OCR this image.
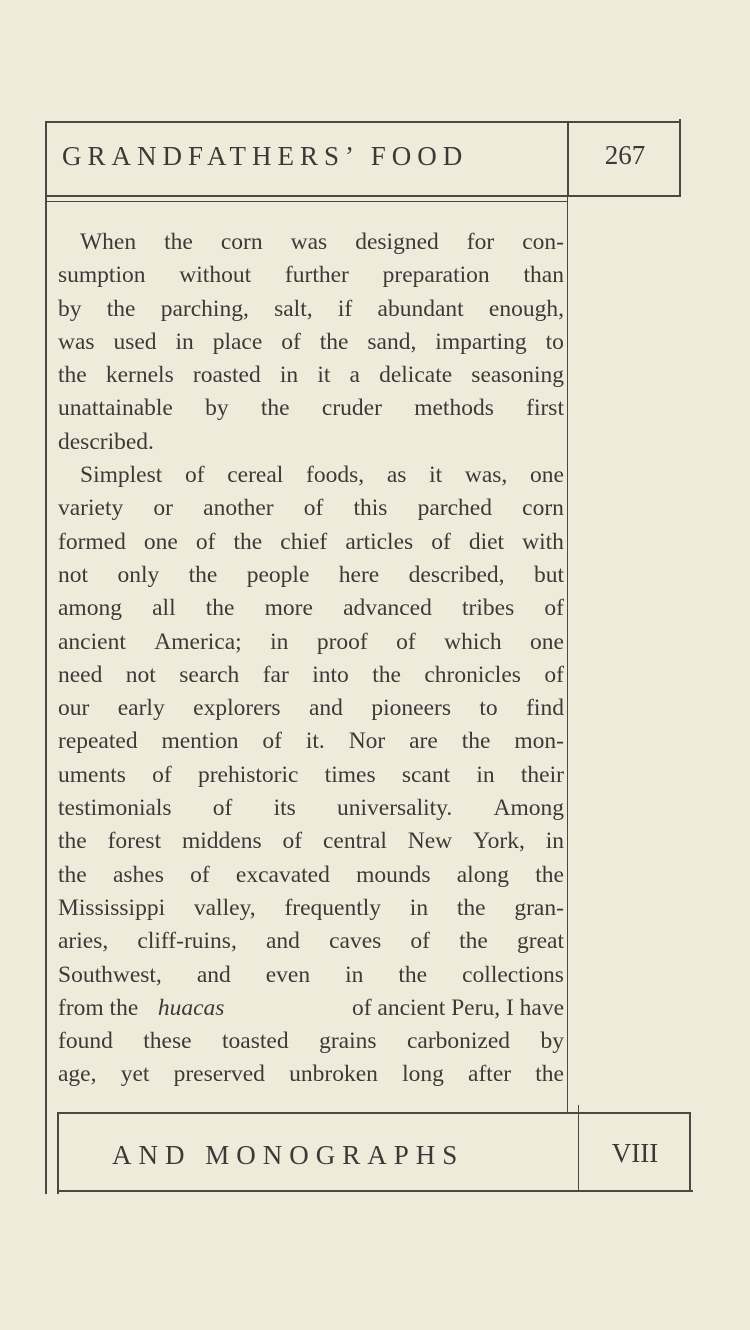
GRANDFATHERS’ FOOD	267
When the corn was designed for con-
sumption without further preparation than
by the parching, salt, if abundant enough,
was used in place of the sand, imparting to
the kernels roasted in it a delicate seasoning
unattainable by the cruder methods first
described.
Simplest of cereal foods, as it was, one
variety or another of this parched corn
formed one of the chief articles of diet with
not only the people here described, but
among all the more advanced tribes of
ancient America; in proof of which one
need not search far into the chronicles of
our early explorers and pioneers to find
repeated mention of it. Nor are the mon-
uments of prehistoric times scant in their
testimonials of its universality. Among
the forest middens of central New York, in
the ashes of excavated mounds along the
Mississippi valley, frequently in the gran-
aries, cliff-ruins, and caves of the great
Southwest, and even in the collections
from the huacas	of ancient Peru, I have
found these toasted grains carbonized by
age, yet preserved unbroken long after the
AND MONOGRAPHS	VIII
